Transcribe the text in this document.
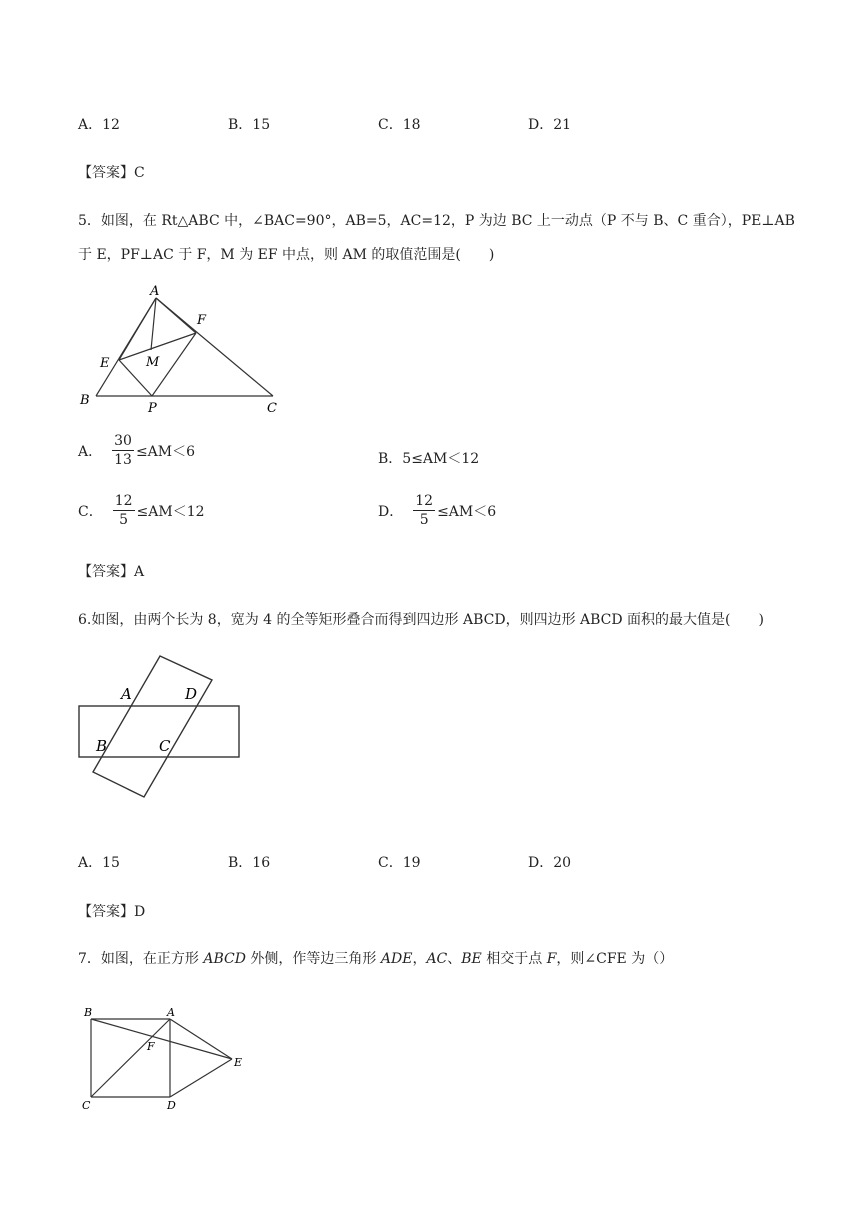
A．12	B．15	C．18	D．21
【答案】C
5．如图，在 Rt△ABC 中，∠BAC=90°，AB=5，AC=12，P 为边 BC 上一动点（P 不与 B、C 重合），PE⊥AB
于 E，PF⊥AC 于 F，M 为 EF 中点，则 AM 的取值范围是(　　)
A
B
C
E
F
M
P
A． $\frac{30}{13} \le AM<6$	B．5≤AM＜12
C． $\frac{12}{5} \le AM<12$	D． $\frac{12}{5} \le AM<6$
【答案】A
6.如图，由两个长为 8，宽为 4 的全等矩形叠合而得到四边形 ABCD，则四边形 ABCD 面积的最大值是(　　)
A	D
B	C
A．15	B．16	C．19	D．20
【答案】D
7．如图，在正方形 ABCD 外侧，作等边三角形 ADE，AC、BE 相交于点 F，则∠CFE 为（）
B	A
F
E
C	D
